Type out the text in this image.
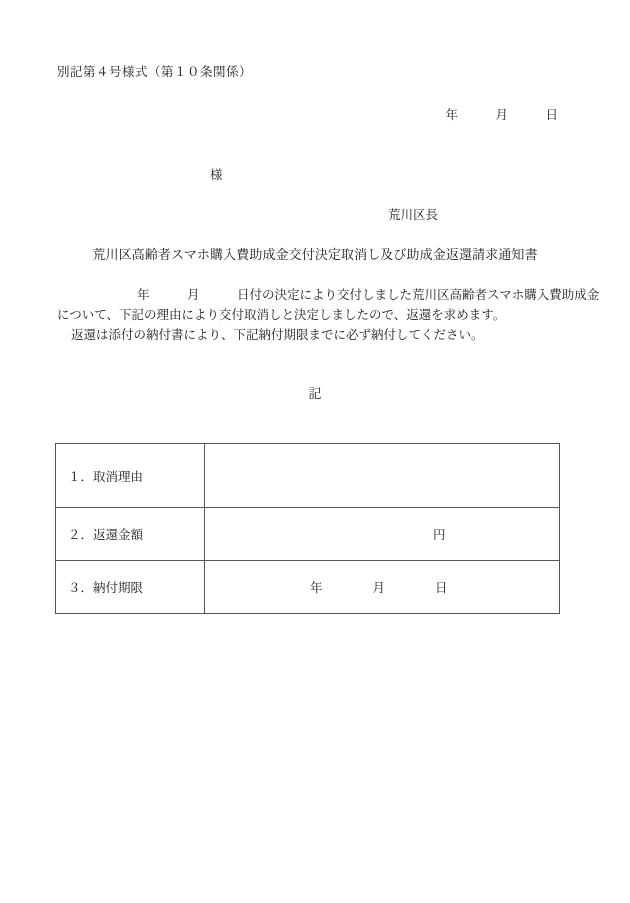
別記第４号様式（第１０条関係）
年　　　月　　　日
様
荒川区長
荒川区高齢者スマホ購入費助成金交付決定取消し及び助成金返還請求通知書
年　　　月　　　日付の決定により交付しました荒川区高齢者スマホ購入費助成金
について、下記の理由により交付取消しと決定しましたので、返還を求めます。
返還は添付の納付書により、下記納付期限までに必ず納付してください。
記
１．取消理由	

２．返還金額	円

３．納付期限	年　　　　月　　　　日
